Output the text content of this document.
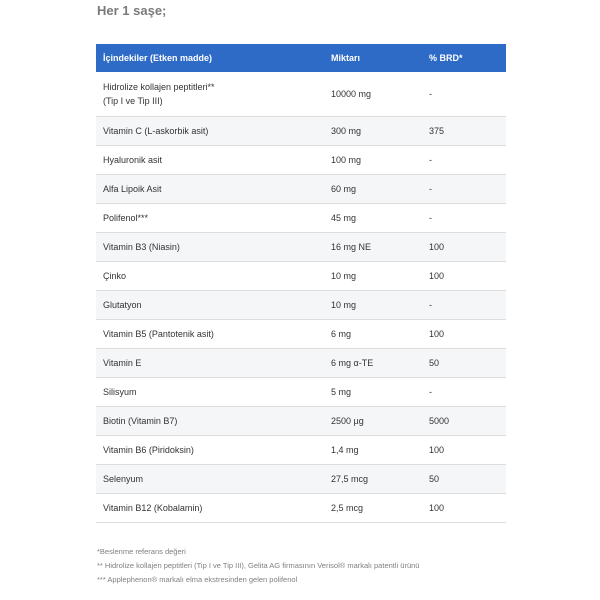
Her 1 saşe;
İçindekiler (Etken madde)	Miktarı	% BRD*

Hidrolize kollajen peptitleri**
(Tip I ve Tip III)	10000 mg	-
Vitamin C (L-askorbik asit)	300 mg	375
Hyaluronik asit	100 mg	-
Alfa Lipoik Asit	60 mg	-
Polifenol***	45 mg	-
Vitamin B3 (Niasin)	16 mg NE	100
Çinko	10 mg	100
Glutatyon	10 mg	-
Vitamin B5 (Pantotenik asit)	6 mg	100
Vitamin E	6 mg α-TE	50
Silisyum	5 mg	-
Biotin (Vitamin B7)	2500 µg	5000
Vitamin B6 (Piridoksin)	1,4 mg	100
Selenyum	27,5 mcg	50
Vitamin B12 (Kobalamin)	2,5 mcg	100
*Beslenme referans değeri
** Hidrolize kollajen peptitleri (Tip I ve Tip III), Gelita AG firmasının Verisol® markalı patentli ürünü
*** Applephenon® markalı elma ekstresinden gelen polifenol
